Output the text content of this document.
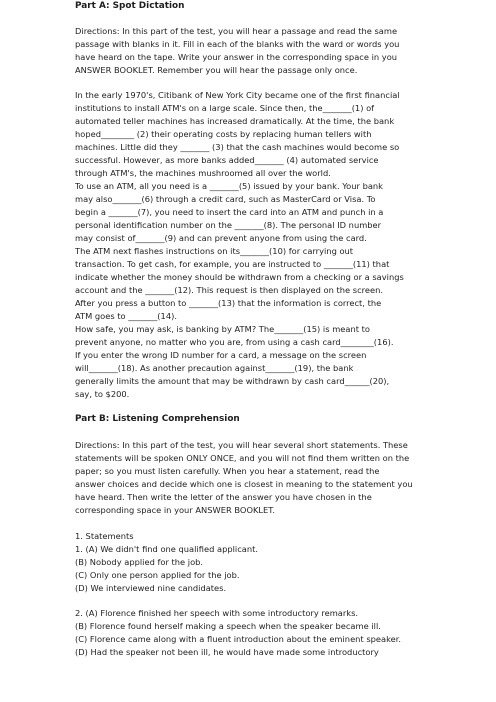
Part A: Spot Dictation
Directions: In this part of the test, you will hear a passage and read the same
passage with blanks in it. Fill in each of the blanks with the ward or words you
have heard on the tape. Write your answer in the corresponding space in you
ANSWER BOOKLET. Remember you will hear the passage only once.
In the early 1970's, Citibank of New York City became one of the first financial
institutions to install ATM's on a large scale. Since then, the_______(1) of
automated teller machines has increased dramatically. At the time, the bank
hoped________ (2) their operating costs by replacing human tellers with
machines. Little did they _______ (3) that the cash machines would become so
successful. However, as more banks added_______ (4) automated service
through ATM's, the machines mushroomed all over the world.
To use an ATM, all you need is a _______(5) issued by your bank. Your bank
may also_______(6) through a credit card, such as MasterCard or Visa. To
begin a _______(7), you need to insert the card into an ATM and punch in a
personal identification number on the _______(8). The personal ID number
may consist of_______(9) and can prevent anyone from using the card.
The ATM next flashes instructions on its_______(10) for carrying out
transaction. To get cash, for example, you are instructed to _______(11) that
indicate whether the money should be withdrawn from a checking or a savings
account and the _______(12). This request is then displayed on the screen.
After you press a button to _______(13) that the information is correct, the
ATM goes to _______(14).
How safe, you may ask, is banking by ATM? The_______(15) is meant to
prevent anyone, no matter who you are, from using a cash card________(16).
If you enter the wrong ID number for a card, a message on the screen
will_______(18). As another precaution against_______(19), the bank
generally limits the amount that may be withdrawn by cash card______(20),
say, to $200.
Part B: Listening Comprehension
Directions: In this part of the test, you will hear several short statements. These
statements will be spoken ONLY ONCE, and you will not find them written on the
paper; so you must listen carefully. When you hear a statement, read the
answer choices and decide which one is closest in meaning to the statement you
have heard. Then write the letter of the answer you have chosen in the
corresponding space in your ANSWER BOOKLET.
1. Statements
1. (A) We didn't find one qualified applicant.
(B) Nobody applied for the job.
(C) Only one person applied for the job.
(D) We interviewed nine candidates.
2. (A) Florence finished her speech with some introductory remarks.
(B) Florence found herself making a speech when the speaker became ill.
(C) Florence came along with a fluent introduction about the eminent speaker.
(D) Had the speaker not been ill, he would have made some introductory
